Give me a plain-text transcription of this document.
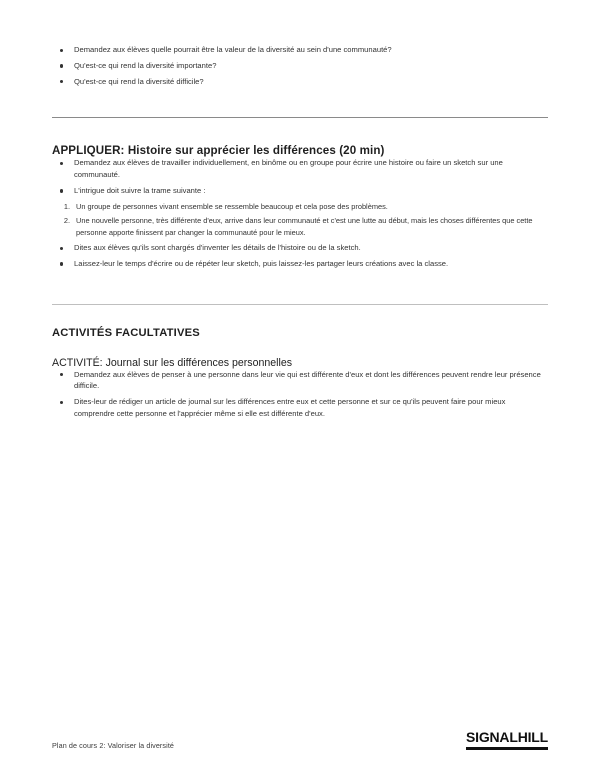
Demandez aux élèves quelle pourrait être la valeur de la diversité au sein d'une communauté?
Qu'est-ce qui rend la diversité importante?
Qu'est-ce qui rend la diversité difficile?
APPLIQUER: Histoire sur apprécier les différences (20 min)
Demandez aux élèves de travailler individuellement, en binôme ou en groupe pour écrire une histoire ou faire un sketch sur une communauté.
L'intrigue doit suivre la trame suivante :
1. Un groupe de personnes vivant ensemble se ressemble beaucoup et cela pose des problèmes.
2. Une nouvelle personne, très différente d'eux, arrive dans leur communauté et c'est une lutte au début, mais les choses différentes que cette personne apporte finissent par changer la communauté pour le mieux.
Dites aux élèves qu'ils sont chargés d'inventer les détails de l'histoire ou de la sketch.
Laissez-leur le temps d'écrire ou de répéter leur sketch, puis laissez-les partager leurs créations avec la classe.
ACTIVITÉS FACULTATIVES
ACTIVITÉ: Journal sur les différences personnelles
Demandez aux élèves de penser à une personne dans leur vie qui est différente d'eux et dont les différences peuvent rendre leur présence difficile.
Dites-leur de rédiger un article de journal sur les différences entre eux et cette personne et sur ce qu'ils peuvent faire pour mieux comprendre cette personne et l'apprécier même si elle est différente d'eux.
Plan de cours 2: Valoriser la diversité
SIGNALHILL
